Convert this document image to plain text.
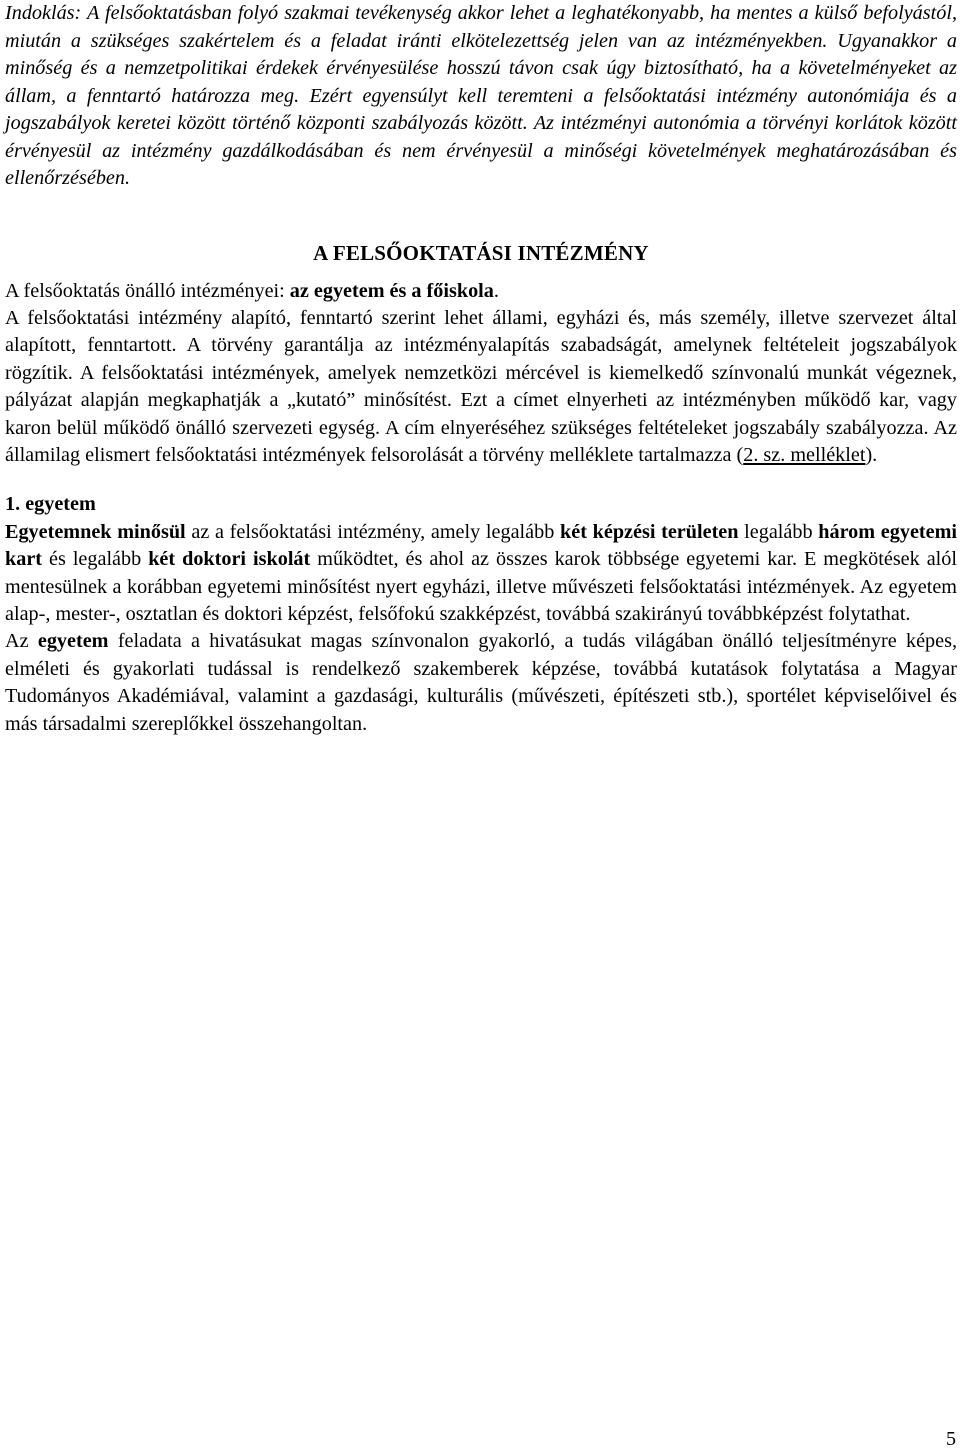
Indoklás: A felsőoktatásban folyó szakmai tevékenység akkor lehet a leghatékonyabb, ha mentes a külső befolyástól, miután a szükséges szakértelem és a feladat iránti elkötelezettség jelen van az intézményekben. Ugyanakkor a minőség és a nemzetpolitikai érdekek érvényesülése hosszú távon csak úgy biztosítható, ha a követelményeket az állam, a fenntartó határozza meg. Ezért egyensúlyt kell teremteni a felsőoktatási intézmény autonómiája és a jogszabályok keretei között történő központi szabályozás között. Az intézményi autonómia a törvényi korlátok között érvényesül az intézmény gazdálkodásában és nem érvényesül a minőségi követelmények meghatározásában és ellenőrzésében.

A FELSŐOKTATÁSI INTÉZMÉNY

A felsőoktatás önálló intézményei: az egyetem és a főiskola.

A felsőoktatási intézmény alapító, fenntartó szerint lehet állami, egyházi és, más személy, illetve szervezet által alapított, fenntartott. A törvény garantálja az intézményalapítás szabadságát, amelynek feltételeit jogszabályok rögzítik. A felsőoktatási intézmények, amelyek nemzetközi mércével is kiemelkedő színvonalú munkát végeznek, pályázat alapján megkaphatják a „kutató” minősítést. Ezt a címet elnyerheti az intézményben működő kar, vagy karon belül működő önálló szervezeti egység. A cím elnyeréséhez szükséges feltételeket jogszabály szabályozza. Az államilag elismert felsőoktatási intézmények felsorolását a törvény melléklete tartalmazza (2. sz. melléklet).

1. egyetem

Egyetemnek minősül az a felsőoktatási intézmény, amely legalább két képzési területen legalább három egyetemi kart és legalább két doktori iskolát működtet, és ahol az összes karok többsége egyetemi kar. E megkötések alól mentesülnek a korábban egyetemi minősítést nyert egyházi, illetve művészeti felsőoktatási intézmények. Az egyetem alap-, mester-, osztatlan és doktori képzést, felsőfokú szakképzést, továbbá szakirányú továbbképzést folytathat.

Az egyetem feladata a hivatásukat magas színvonalon gyakorló, a tudás világában önálló teljesítményre képes, elméleti és gyakorlati tudással is rendelkező szakemberek képzése, továbbá kutatások folytatása a Magyar Tudományos Akadémiával, valamint a gazdasági, kulturális (művészeti, építészeti stb.), sportélet képviselőivel és más társadalmi szereplőkkel összehangoltan.

5
